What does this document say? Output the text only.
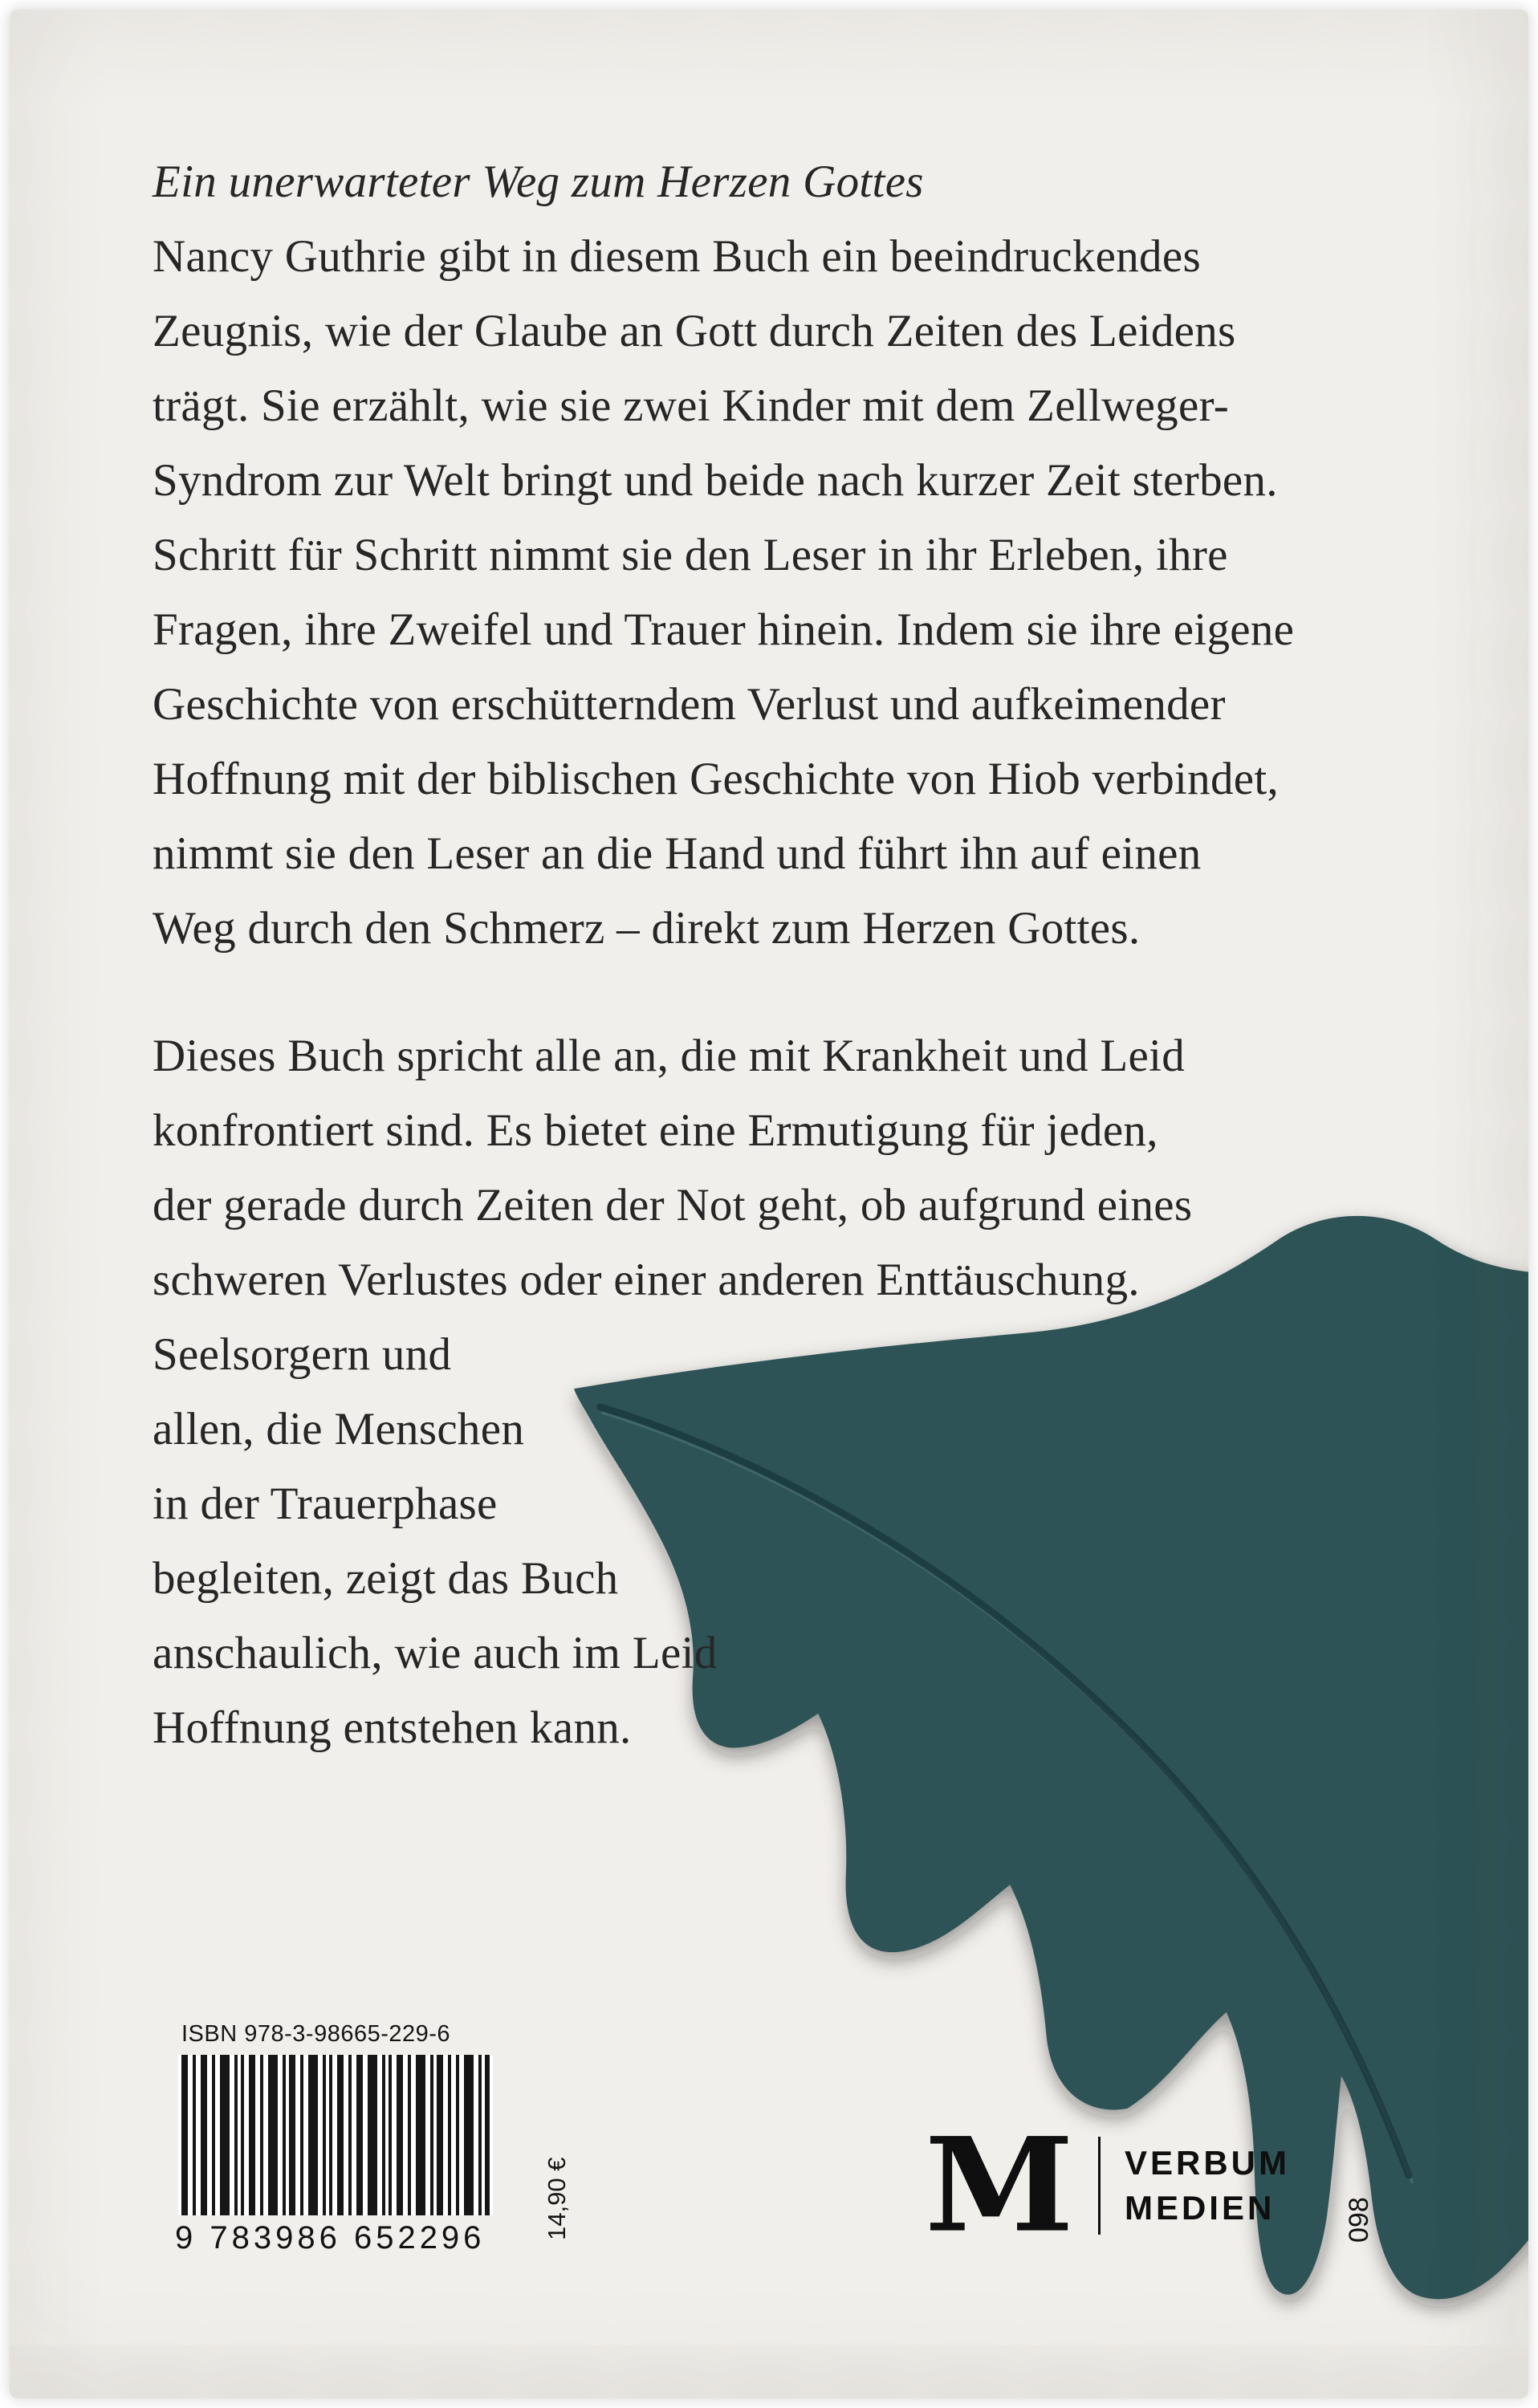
Ein unerwarteter Weg zum Herzen Gottes
Nancy Guthrie gibt in diesem Buch ein beeindruckendes
Zeugnis, wie der Glaube an Gott durch Zeiten des Leidens
trägt. Sie erzählt, wie sie zwei Kinder mit dem Zellweger-
Syndrom zur Welt bringt und beide nach kurzer Zeit sterben.
Schritt für Schritt nimmt sie den Leser in ihr Erleben, ihre
Fragen, ihre Zweifel und Trauer hinein. Indem sie ihre eigene
Geschichte von erschütterndem Verlust und aufkeimender
Hoffnung mit der biblischen Geschichte von Hiob verbindet,
nimmt sie den Leser an die Hand und führt ihn auf einen
Weg durch den Schmerz – direkt zum Herzen Gottes.
Dieses Buch spricht alle an, die mit Krankheit und Leid
konfrontiert sind. Es bietet eine Ermutigung für jeden,
der gerade durch Zeiten der Not geht, ob aufgrund eines
schweren Verlustes oder einer anderen Enttäuschung.
Seelsorgern und
allen, die Menschen
in der Trauerphase
begleiten, zeigt das Buch
anschaulich, wie auch im Leid
Hoffnung entstehen kann.
ISBN 978-3-98665-229-6
9 783986 652296 14,90 €	M VERBUM
MEDIEN	098
